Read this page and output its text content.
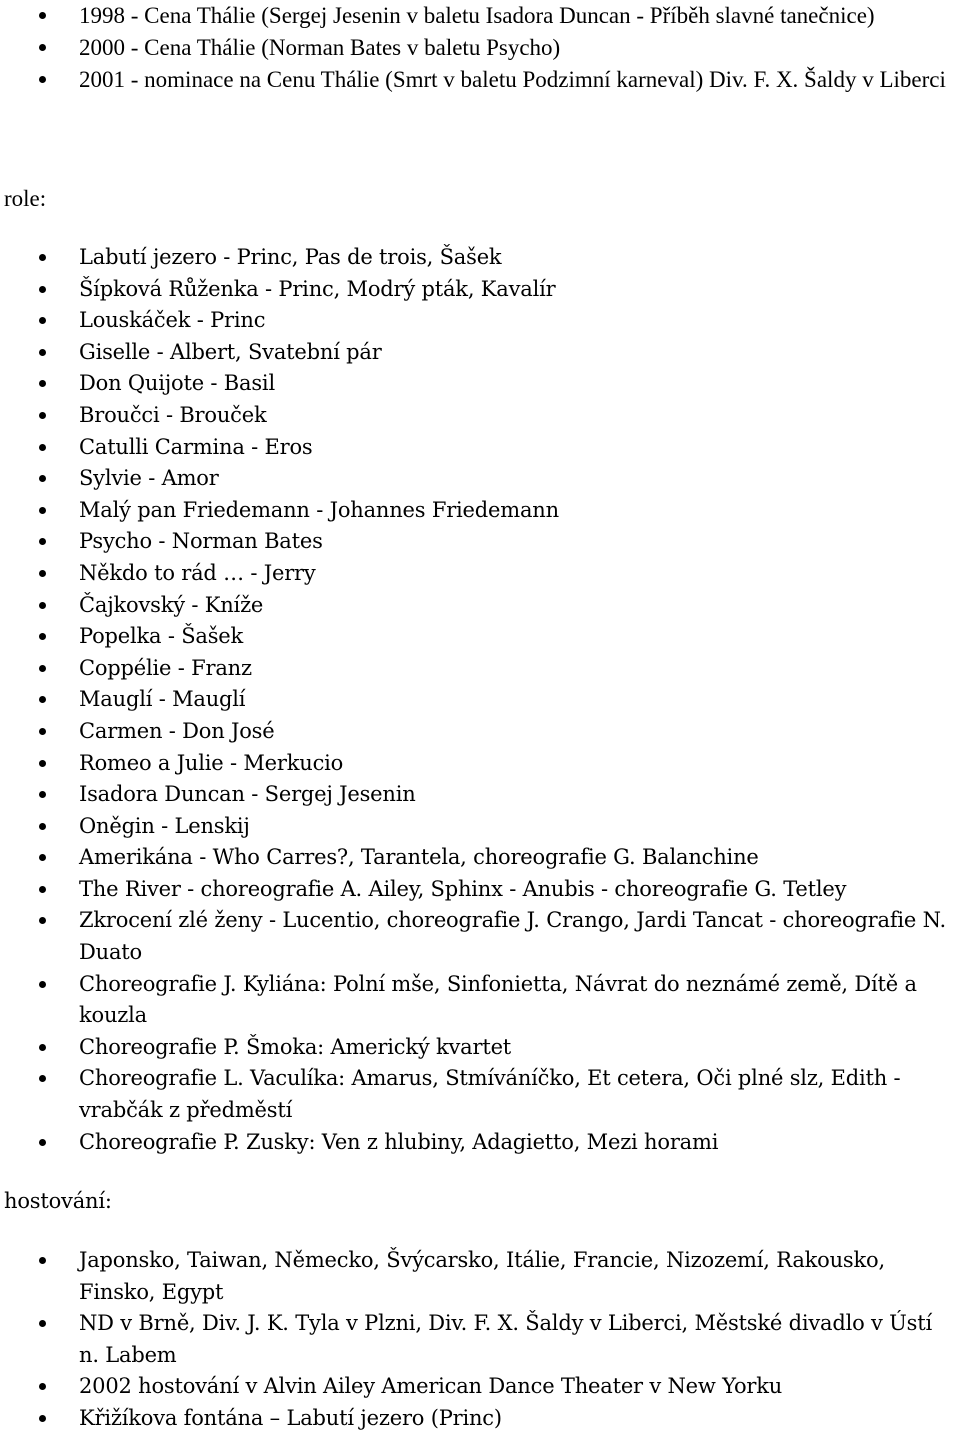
1998 - Cena Thálie (Sergej Jesenin v baletu Isadora Duncan - Příběh slavné tanečnice)
2000 - Cena Thálie (Norman Bates v baletu Psycho)
2001 - nominace na Cenu Thálie (Smrt v baletu Podzimní karneval) Div. F. X. Šaldy v Liberci
role:
Labutí jezero - Princ, Pas de trois, Šašek
Šípková Růženka - Princ, Modrý pták, Kavalír
Louskáček - Princ
Giselle - Albert, Svatební pár
Don Quijote - Basil
Broučci - Brouček
Catulli Carmina - Eros
Sylvie - Amor
Malý pan Friedemann - Johannes Friedemann
Psycho - Norman Bates
Někdo to rád … - Jerry
Čajkovský - Kníže
Popelka - Šašek
Coppélie - Franz
Mauglí - Mauglí
Carmen - Don José
Romeo a Julie - Merkucio
Isadora Duncan - Sergej Jesenin
Oněgin - Lenskij
Amerikána - Who Carres?, Tarantela, choreografie G. Balanchine
The River - choreografie A. Ailey, Sphinx - Anubis - choreografie G. Tetley
Zkrocení zlé ženy - Lucentio, choreografie J. Crango, Jardi Tancat - choreografie N. Duato
Choreografie J. Kyliána: Polní mše, Sinfonietta, Návrat do neznámé země, Dítě a kouzla
Choreografie P. Šmoka: Americký kvartet
Choreografie L. Vaculíka: Amarus, Stmíváníčko, Et cetera, Oči plné slz, Edith - vrabčák z předměstí
Choreografie P. Zusky: Ven z hlubiny, Adagietto, Mezi horami
hostování:
Japonsko, Taiwan, Německo, Švýcarsko, Itálie, Francie, Nizozemí, Rakousko, Finsko, Egypt
ND v Brně, Div. J. K. Tyla v Plzni, Div. F. X. Šaldy v Liberci, Městské divadlo v Ústí n. Labem
2002 hostování v Alvin Ailey American Dance Theater v New Yorku
Křižíkova fontána – Labutí jezero (Princ)
